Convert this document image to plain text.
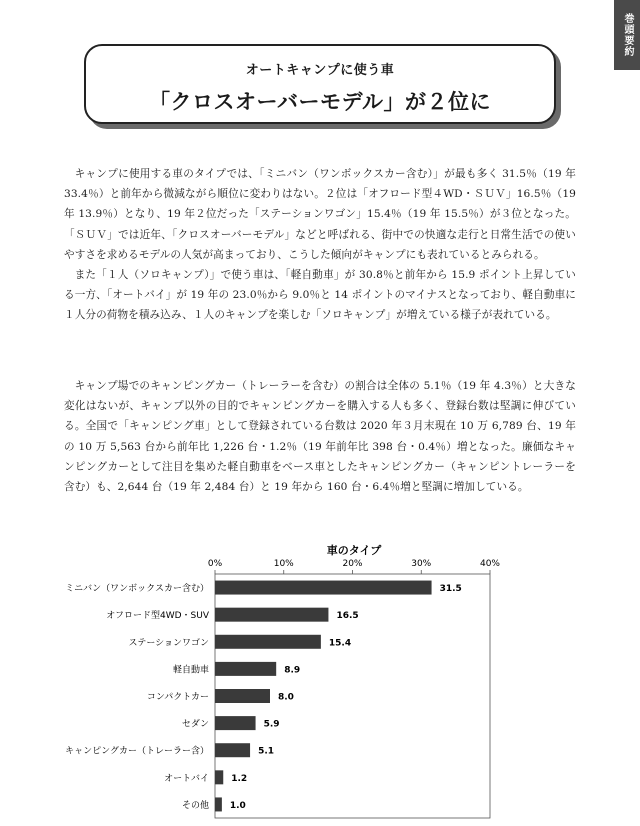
巻頭要約
オートキャンプに使う車
「クロスオーバーモデル」が２位に

キャンプに使用する車のタイプでは、「ミニバン（ワンボックスカー含む）」が最も多く 31.5％（19 年 33.4％）と前年から微減ながら順位に変わりはない。２位は「オフロード型４WD・ＳＵＶ」16.5％（19 年 13.9％）となり、19 年２位だった「ステーションワゴン」15.4％（19 年 15.5％）が３位となった。「ＳＵＶ」では近年、「クロスオーバーモデル」などと呼ばれる、街中での快適な走行と日常生活での使いやすさを求めるモデルの人気が高まっており、こうした傾向がキャンプにも表れているとみられる。

また「１人（ソロキャンプ）」で使う車は、「軽自動車」が 30.8％と前年から 15.9 ポイント上昇している一方、「オートバイ」が 19 年の 23.0％から 9.0％と 14 ポイントのマイナスとなっており、軽自動車に１人分の荷物を積み込み、１人のキャンプを楽しむ「ソロキャンプ」が増えている様子が表れている。

キャンプ場でのキャンピングカー（トレーラーを含む）の割合は全体の 5.1％（19 年 4.3％）と大きな変化はないが、キャンプ以外の目的でキャンピングカーを購入する人も多く、登録台数は堅調に伸びている。全国で「キャンピング車」として登録されている台数は 2020 年３月末現在 10 万 6,789 台、19 年の 10 万 5,563 台から前年比 1,226 台・1.2％（19 年前年比 398 台・0.4％）増となった。廉価なキャンピングカーとして注目を集めた軽自動車をベース車としたキャンピングカー（キャンピントレーラーを含む）も、2,644 台（19 年 2,484 台）と 19 年から 160 台・6.4％増と堅調に増加している。

車のタイプ
0%	10%	20%	30%	40%
ミニバン（ワンボックスカー含む）	31.5
オフロード型4WD・SUV	16.5
ステーションワゴン	15.4
軽自動車	8.9
コンパクトカー	8.0
セダン	5.9
キャンピングカー（トレーラー含）	5.1
オートバイ 1.2
その他 1.0
